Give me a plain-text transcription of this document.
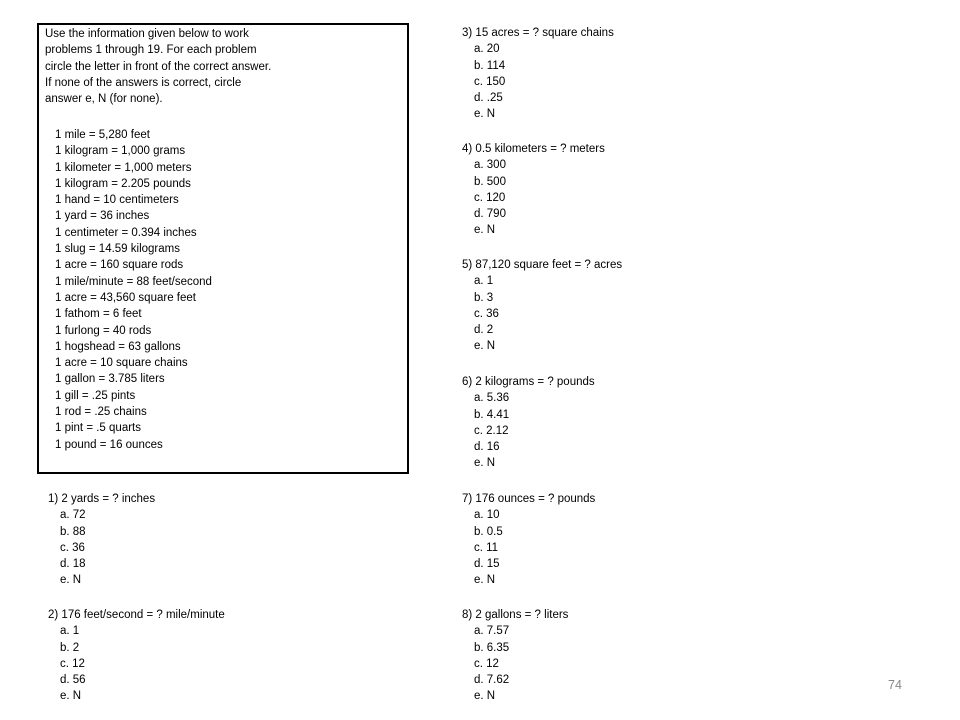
Use the information given below to work
problems 1 through 19. For each problem
circle the letter in front of the correct answer.
If none of the answers is correct, circle
answer e, N (for none).
1 mile = 5,280 feet
1 kilogram = 1,000 grams
1 kilometer = 1,000 meters
1 kilogram = 2.205 pounds
1 hand = 10 centimeters
1 yard = 36 inches
1 centimeter = 0.394 inches
1 slug = 14.59 kilograms
1 acre = 160 square rods
1 mile/minute = 88 feet/second
1 acre = 43,560 square feet
1 fathom = 6 feet
1 furlong = 40 rods
1 hogshead = 63 gallons
1 acre = 10 square chains
1 gallon = 3.785 liters
1 gill = .25 pints
1 rod = .25 chains
1 pint = .5 quarts
1 pound = 16 ounces
1) 2 yards = ? inches
a. 72
b. 88
c. 36
d. 18
e. N
2) 176 feet/second = ? mile/minute
a. 1
b. 2
c. 12
d. 56
e. N
3) 15 acres = ? square chains
a. 20
b. 114
c. 150
d. .25
e. N
4) 0.5 kilometers = ? meters
a. 300
b. 500
c. 120
d. 790
e. N
5) 87,120 square feet = ? acres
a. 1
b. 3
c. 36
d. 2
e. N
6) 2 kilograms = ? pounds
a. 5.36
b. 4.41
c. 2.12
d. 16
e. N
7) 176 ounces = ? pounds
a. 10
b. 0.5
c. 11
d. 15
e. N
8) 2 gallons = ? liters
a. 7.57
b. 6.35
c. 12
d. 7.62
e. N
74
